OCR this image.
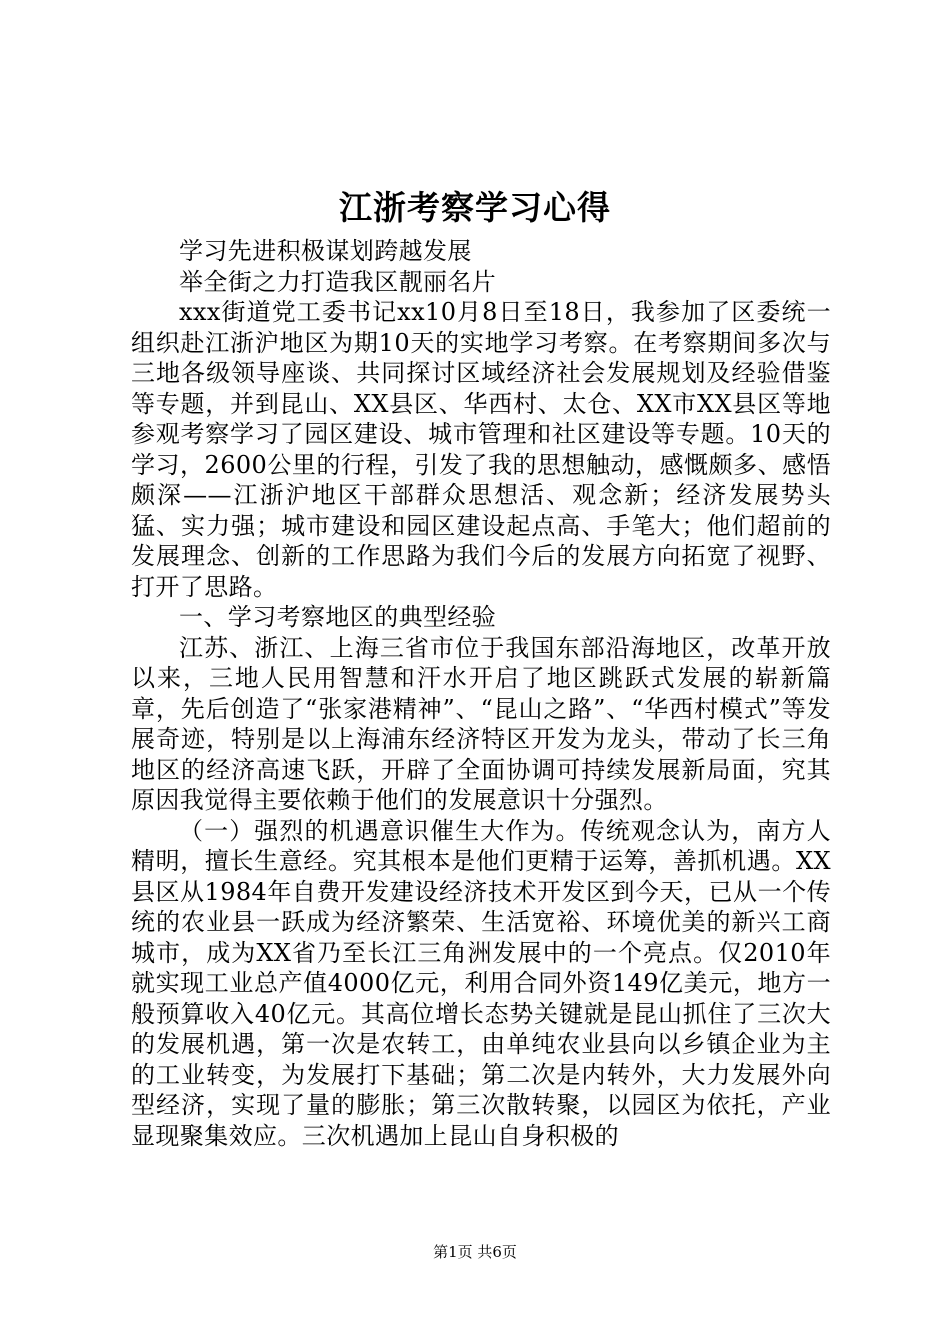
江浙考察学习心得

学习先进积极谋划跨越发展

举全街之力打造我区靓丽名片

xxx街道党工委书记xx10月8日至18日，我参加了区委统一组织赴江浙沪地区为期10天的实地学习考察。在考察期间多次与三地各级领导座谈、共同探讨区域经济社会发展规划及经验借鉴等专题，并到昆山、XX县区、华西村、太仓、XX市XX县区等地参观考察学习了园区建设、城市管理和社区建设等专题。10天的学习，2600公里的行程，引发了我的思想触动，感慨颇多、感悟颇深——江浙沪地区干部群众思想活、观念新；经济发展势头猛、实力强；城市建设和园区建设起点高、手笔大；他们超前的发展理念、创新的工作思路为我们今后的发展方向拓宽了视野、打开了思路。

一、学习考察地区的典型经验

江苏、浙江、上海三省市位于我国东部沿海地区，改革开放以来，三地人民用智慧和汗水开启了地区跳跃式发展的崭新篇章，先后创造了“张家港精神”、“昆山之路”、“华西村模式”等发展奇迹，特别是以上海浦东经济特区开发为龙头，带动了长三角地区的经济高速飞跃，开辟了全面协调可持续发展新局面，究其原因我觉得主要依赖于他们的发展意识十分强烈。

（一）强烈的机遇意识催生大作为。传统观念认为，南方人精明，擅长生意经。究其根本是他们更精于运筹，善抓机遇。XX县区从1984年自费开发建设经济技术开发区到今天，已从一个传统的农业县一跃成为经济繁荣、生活宽裕、环境优美的新兴工商城市，成为XX省乃至长江三角洲发展中的一个亮点。仅2010年就实现工业总产值4000亿元，利用合同外资149亿美元，地方一般预算收入40亿元。其高位增长态势关键就是昆山抓住了三次大的发展机遇，第一次是农转工，由单纯农业县向以乡镇企业为主的工业转变，为发展打下基础；第二次是内转外，大力发展外向型经济，实现了量的膨胀；第三次散转聚，以园区为依托，产业显现聚集效应。三次机遇加上昆山自身积极的

第1页 共6页
